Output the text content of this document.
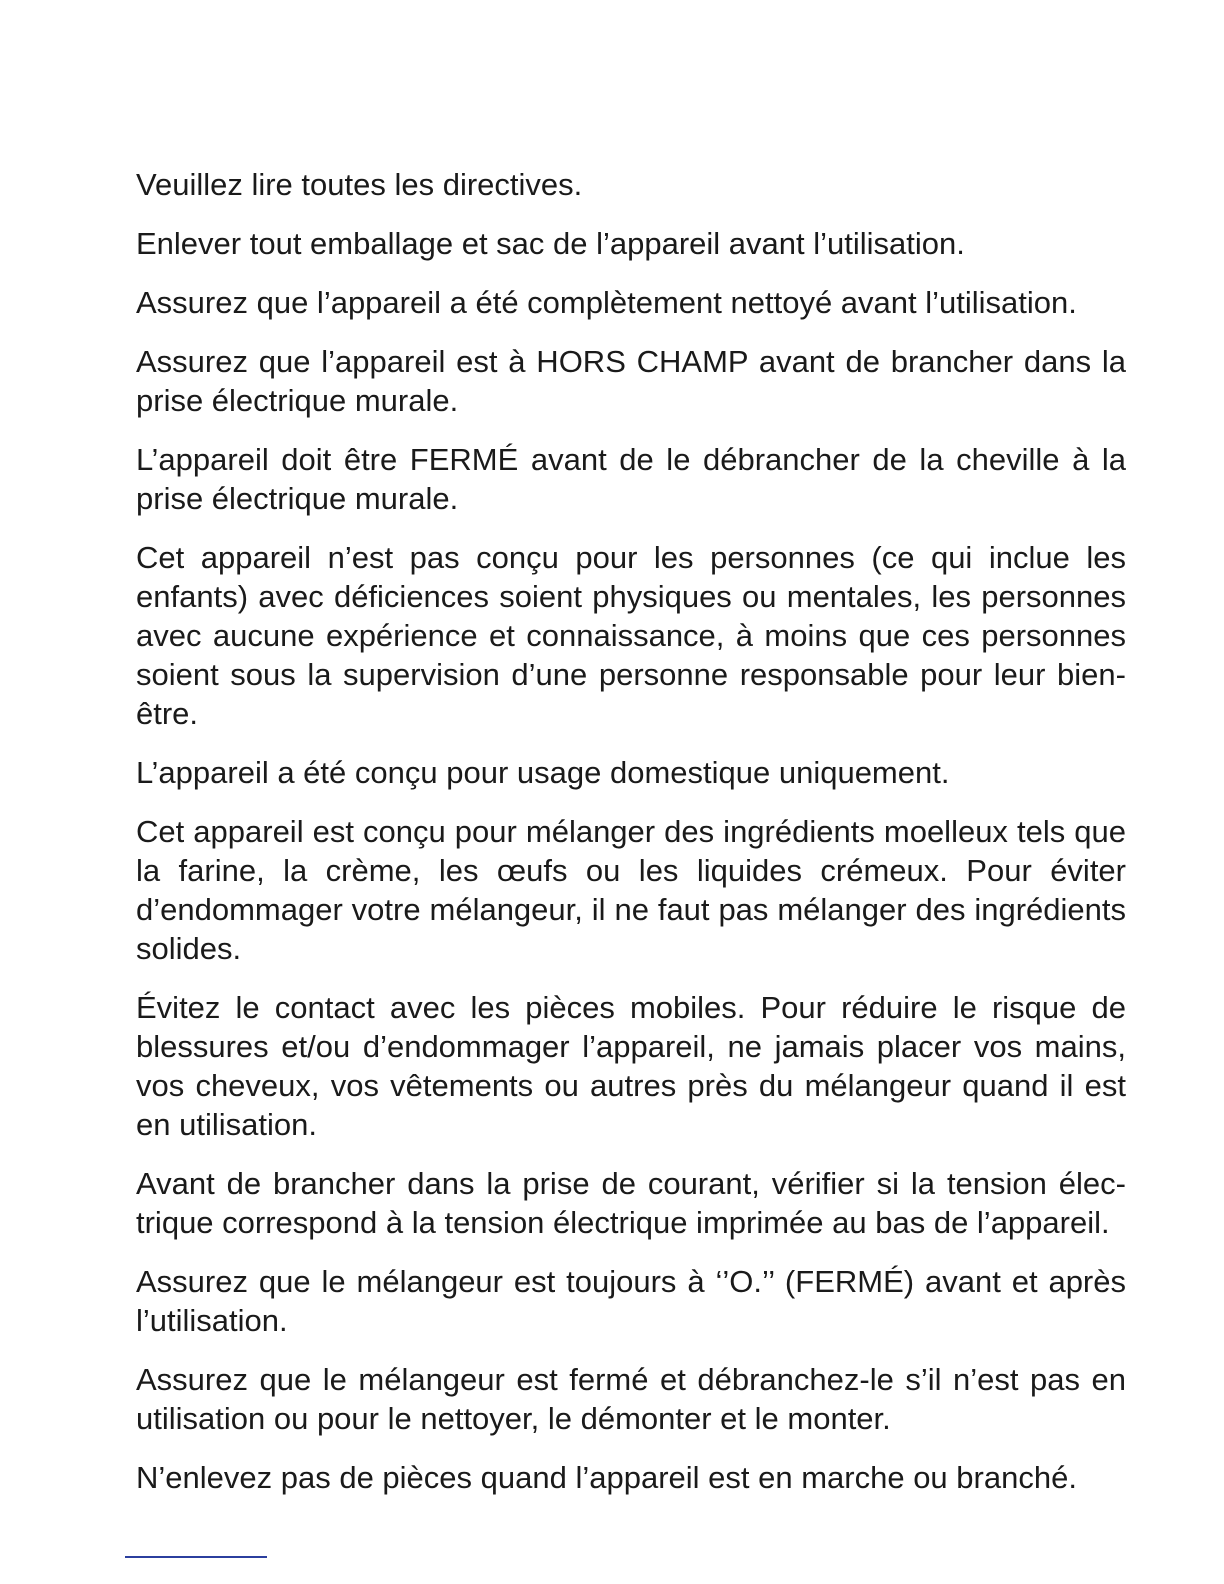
Veuillez lire toutes les directives.

Enlever tout emballage et sac de l’appareil avant l’utilisation.

Assurez que l’appareil a été complètement nettoyé avant l’utilisation.

Assurez que l’appareil est à HORS CHAMP avant de brancher dans la prise électrique murale.

L’appareil doit être FERMÉ avant de le débrancher de la cheville à la prise électrique murale.

Cet appareil n’est pas conçu pour les personnes (ce qui inclue les enfants) avec déficiences soient physiques ou mentales, les personnes avec aucune expérience et connaissance, à moins que ces personnes soient sous la supervision d’une personne responsable pour leur bien-être.

L’appareil a été conçu pour usage domestique uniquement.

Cet appareil est conçu pour mélanger des ingrédients moelleux tels que la farine, la crème, les œufs ou les liquides crémeux. Pour éviter d’endommager votre mélangeur, il ne faut pas mélanger des ingrédients solides.

Évitez le contact avec les pièces mobiles. Pour réduire le risque de blessures et/ou d’endommager l’appareil, ne jamais placer vos mains, vos cheveux, vos vêtements ou autres près du mélangeur quand il est en utilisation.

Avant de brancher dans la prise de courant, vérifier si la tension élec-trique correspond à la tension électrique imprimée au bas de l’appareil.

Assurez que le mélangeur est toujours à ‘’O.’’ (FERMÉ) avant et après l’utilisation.

Assurez que le mélangeur est fermé et débranchez-le s’il n’est pas en utilisation ou pour le nettoyer, le démonter et le monter.

N’enlevez pas de pièces quand l’appareil est en marche ou branché.
